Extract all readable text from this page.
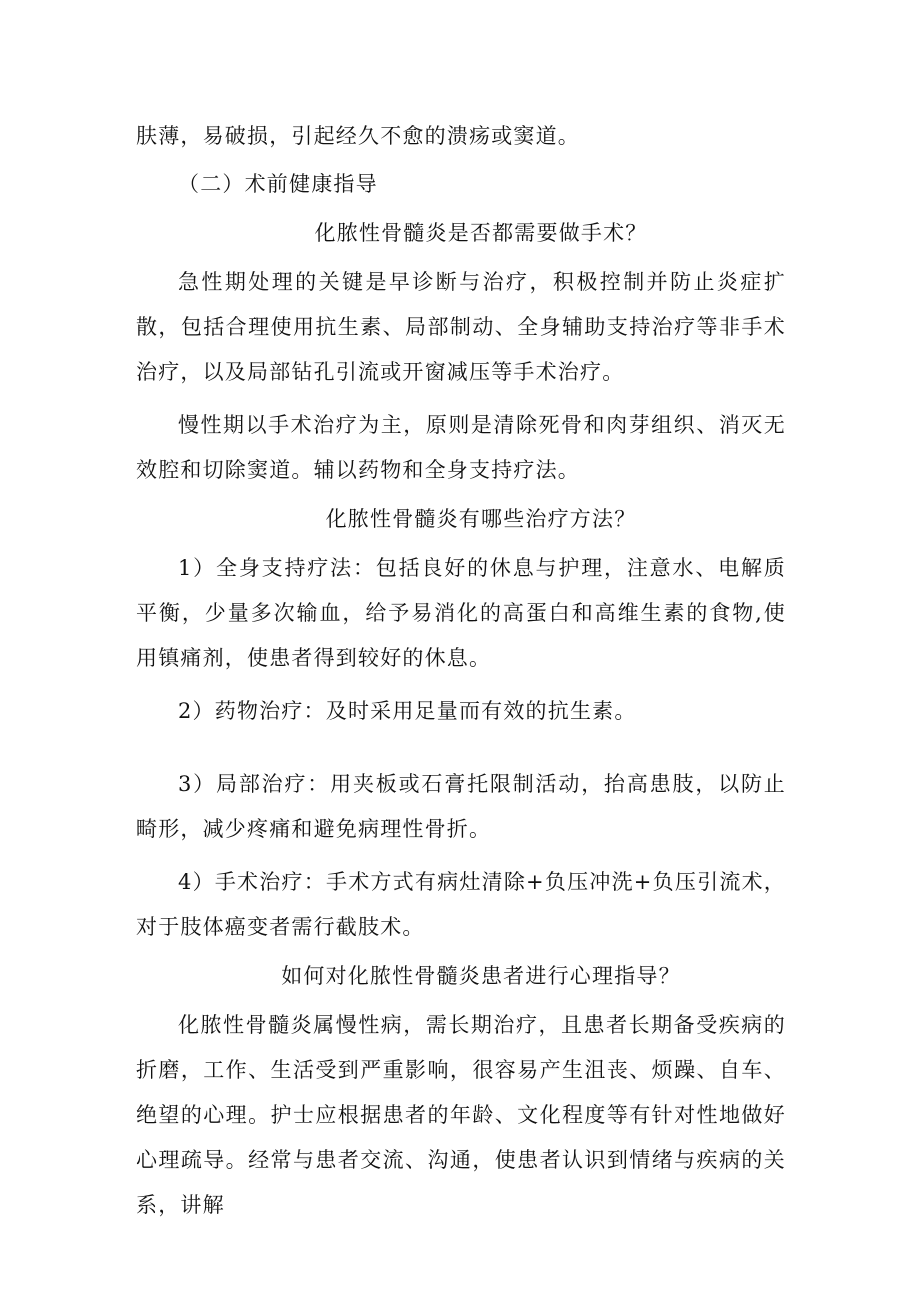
肤薄，易破损，引起经久不愈的溃疡或窦道。

（二）术前健康指导

化脓性骨髓炎是否都需要做手术？

急性期处理的关键是早诊断与治疗，积极控制并防止炎症扩散，包括合理使用抗生素、局部制动、全身辅助支持治疗等非手术治疗，以及局部钻孔引流或开窗减压等手术治疗。

慢性期以手术治疗为主，原则是清除死骨和肉芽组织、消灭无效腔和切除窦道。辅以药物和全身支持疗法。

化脓性骨髓炎有哪些治疗方法？

1）全身支持疗法：包括良好的休息与护理，注意水、电解质平衡，少量多次输血，给予易消化的高蛋白和高维生素的食物,使用镇痛剂，使患者得到较好的休息。

2）药物治疗：及时采用足量而有效的抗生素。

3）局部治疗：用夹板或石膏托限制活动，抬高患肢，以防止畸形，减少疼痛和避免病理性骨折。

4）手术治疗：手术方式有病灶清除+负压冲洗+负压引流术，对于肢体癌变者需行截肢术。

如何对化脓性骨髓炎患者进行心理指导？

化脓性骨髓炎属慢性病，需长期治疗，且患者长期备受疾病的折磨，工作、生活受到严重影响，很容易产生沮丧、烦躁、自车、绝望的心理。护士应根据患者的年龄、文化程度等有针对性地做好心理疏导。经常与患者交流、沟通，使患者认识到情绪与疾病的关系，讲解
